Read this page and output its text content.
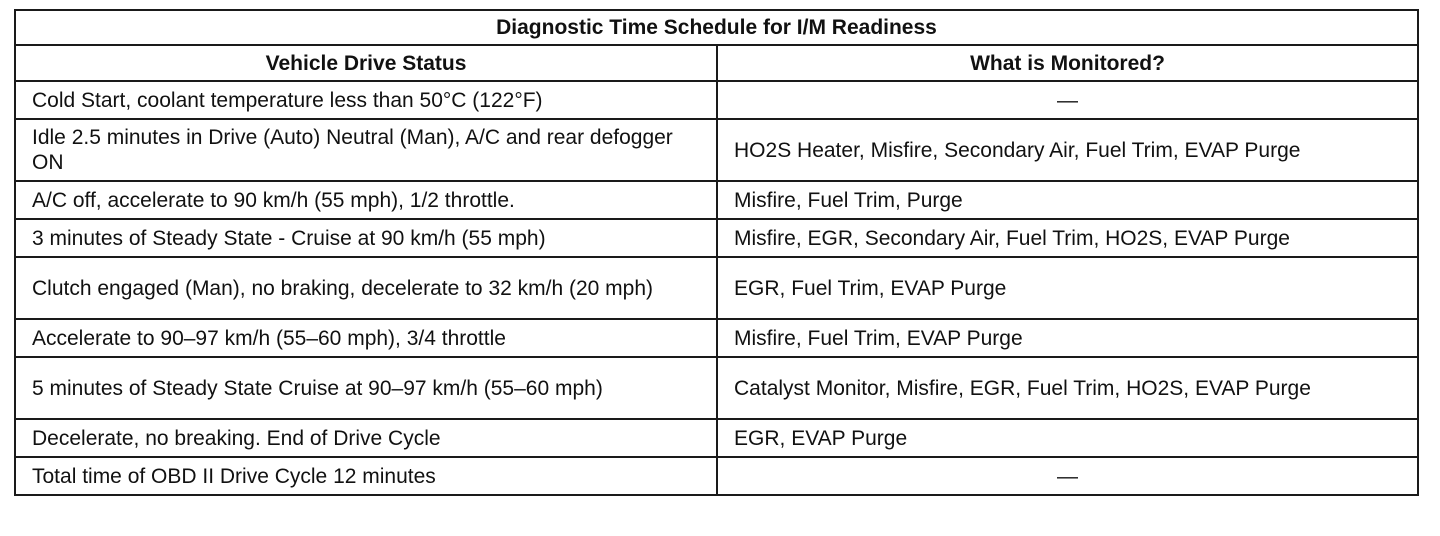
Diagnostic Time Schedule for I/M Readiness	
Vehicle Drive Status	What is Monitored?
Cold Start, coolant temperature less than 50°C (122°F)	—
Idle 2.5 minutes in Drive (Auto) Neutral (Man), A/C and rear defogger ON	HO2S Heater, Misfire, Secondary Air, Fuel Trim, EVAP Purge
A/C off, accelerate to 90 km/h (55 mph), 1/2 throttle.	Misfire, Fuel Trim, Purge
3 minutes of Steady State - Cruise at 90 km/h (55 mph)	Misfire, EGR, Secondary Air, Fuel Trim, HO2S, EVAP Purge
Clutch engaged (Man), no braking, decelerate to 32 km/h (20 mph)	EGR, Fuel Trim, EVAP Purge
Accelerate to 90–97 km/h (55–60 mph), 3/4 throttle	Misfire, Fuel Trim, EVAP Purge
5 minutes of Steady State Cruise at 90–97 km/h (55–60 mph)	Catalyst Monitor, Misfire, EGR, Fuel Trim, HO2S, EVAP Purge
Decelerate, no breaking. End of Drive Cycle	EGR, EVAP Purge
Total time of OBD II Drive Cycle 12 minutes	—
